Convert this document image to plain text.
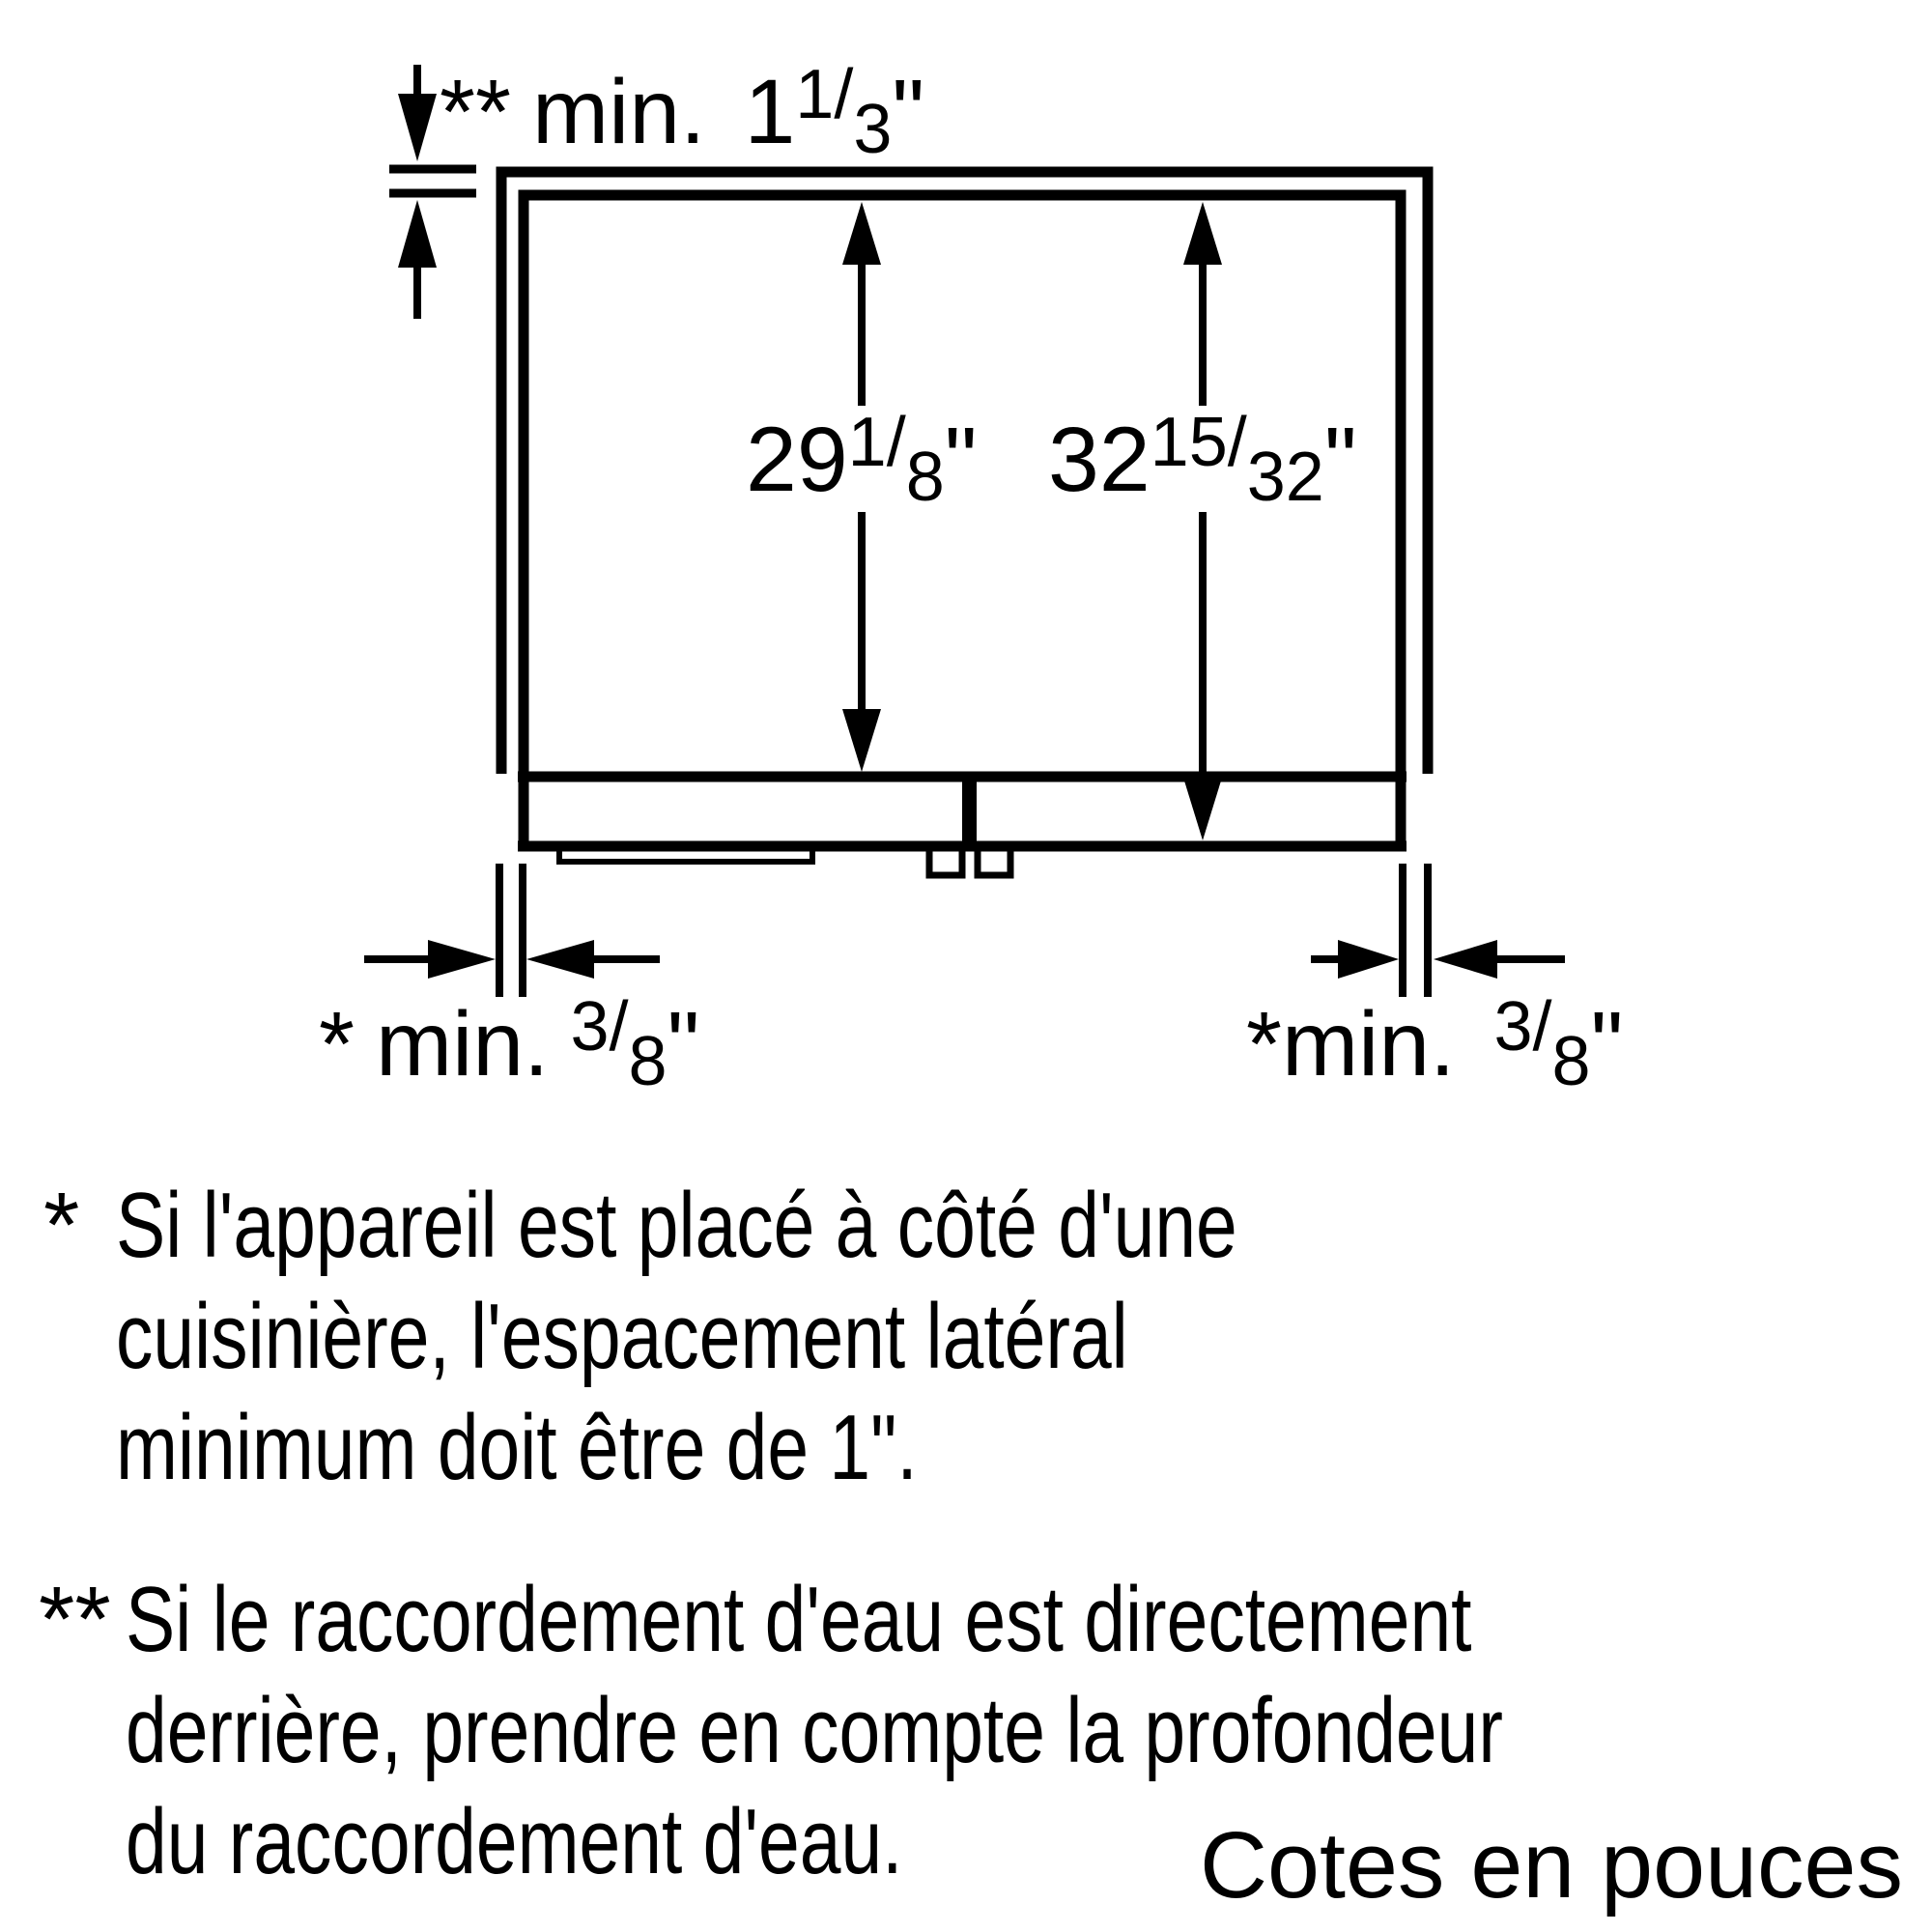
** min. 11/3"
291/8" 3215/32"
* min. 3/8"	*min. 3/8"
* Si l'appareil est placé à côté d'une
cuisinière, l'espacement latéral
minimum doit être de 1".
** Si le raccordement d'eau est directement
derrière, prendre en compte la profondeur
du raccordement d'eau.	Cotes en pouces
